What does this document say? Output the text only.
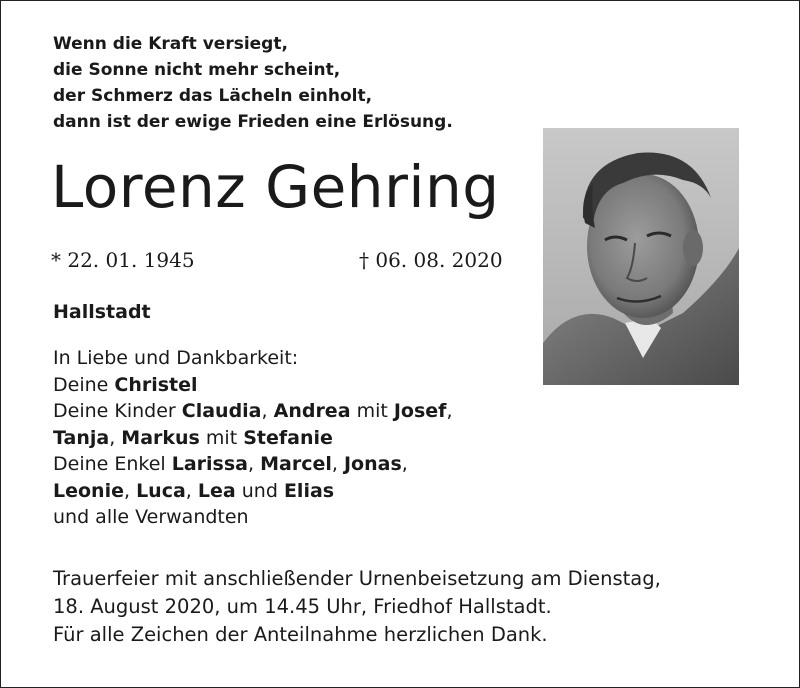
Wenn die Kraft versiegt,
die Sonne nicht mehr scheint,
der Schmerz das Lächeln einholt,
dann ist der ewige Frieden eine Erlösung.
Lorenz Gehring
* 22. 01. 1945	† 06. 08. 2020
Hallstadt
In Liebe und Dankbarkeit:
Deine Christel
Deine Kinder Claudia, Andrea mit Josef,
Tanja, Markus mit Stefanie
Deine Enkel Larissa, Marcel, Jonas,
Leonie, Luca, Lea und Elias
und alle Verwandten
Trauerfeier mit anschließender Urnenbeisetzung am Dienstag,
18. August 2020, um 14.45 Uhr, Friedhof Hallstadt.
Für alle Zeichen der Anteilnahme herzlichen Dank.
